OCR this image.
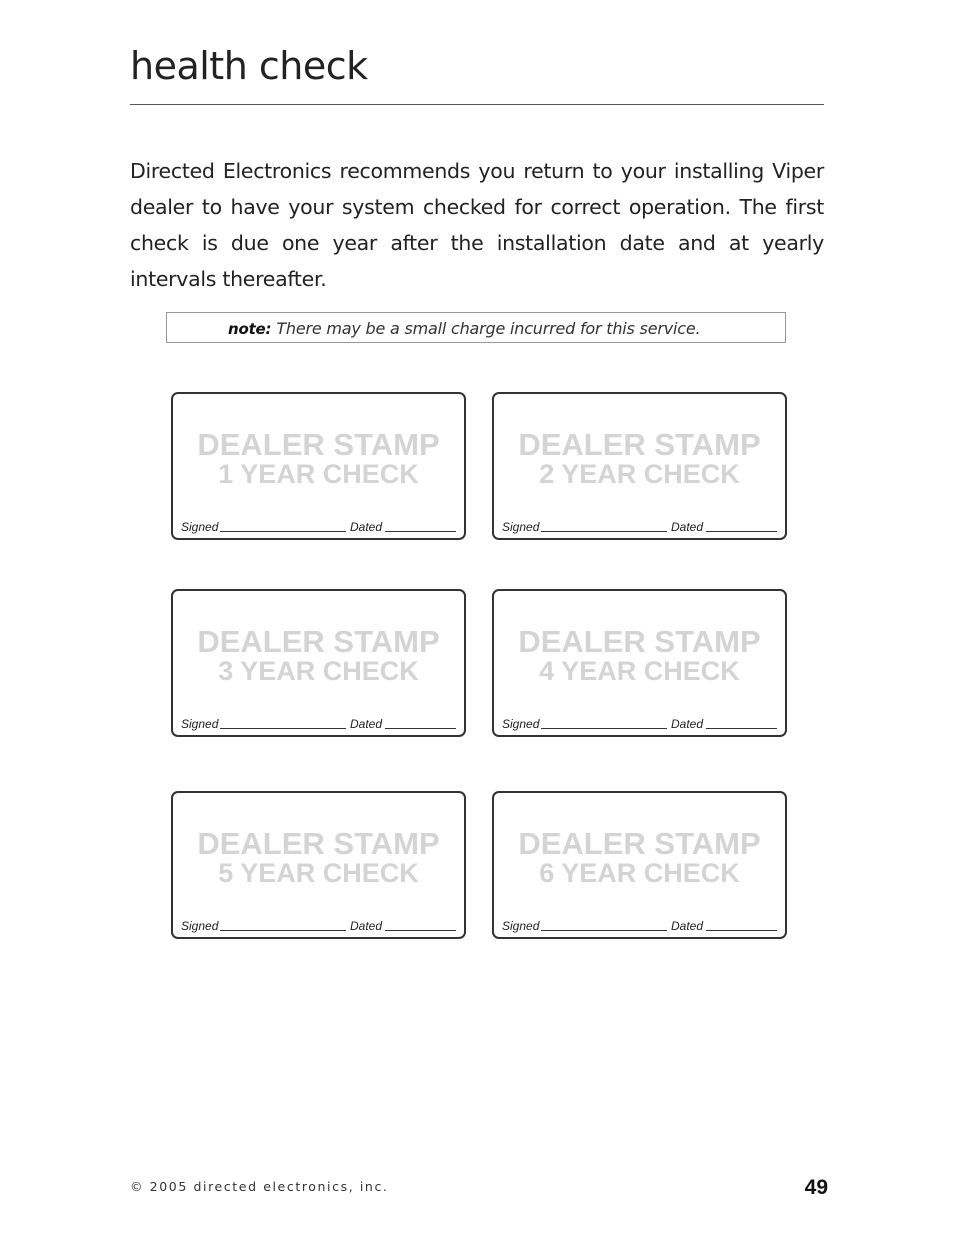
health check

Directed Electronics recommends you return to your installing Viper dealer to have your system checked for correct operation. The first check is due one year after the installation date and at yearly intervals thereafter.

note: There may be a small charge incurred for this service.
DEALER STAMP
1 YEAR CHECK
Signed	Dated
DEALER STAMP
2 YEAR CHECK
Signed	Dated
DEALER STAMP
3 YEAR CHECK
Signed	Dated
DEALER STAMP
4 YEAR CHECK
Signed	Dated
DEALER STAMP
5 YEAR CHECK
Signed	Dated
DEALER STAMP
6 YEAR CHECK
Signed	Dated
© 2005 directed electronics, inc.	49
